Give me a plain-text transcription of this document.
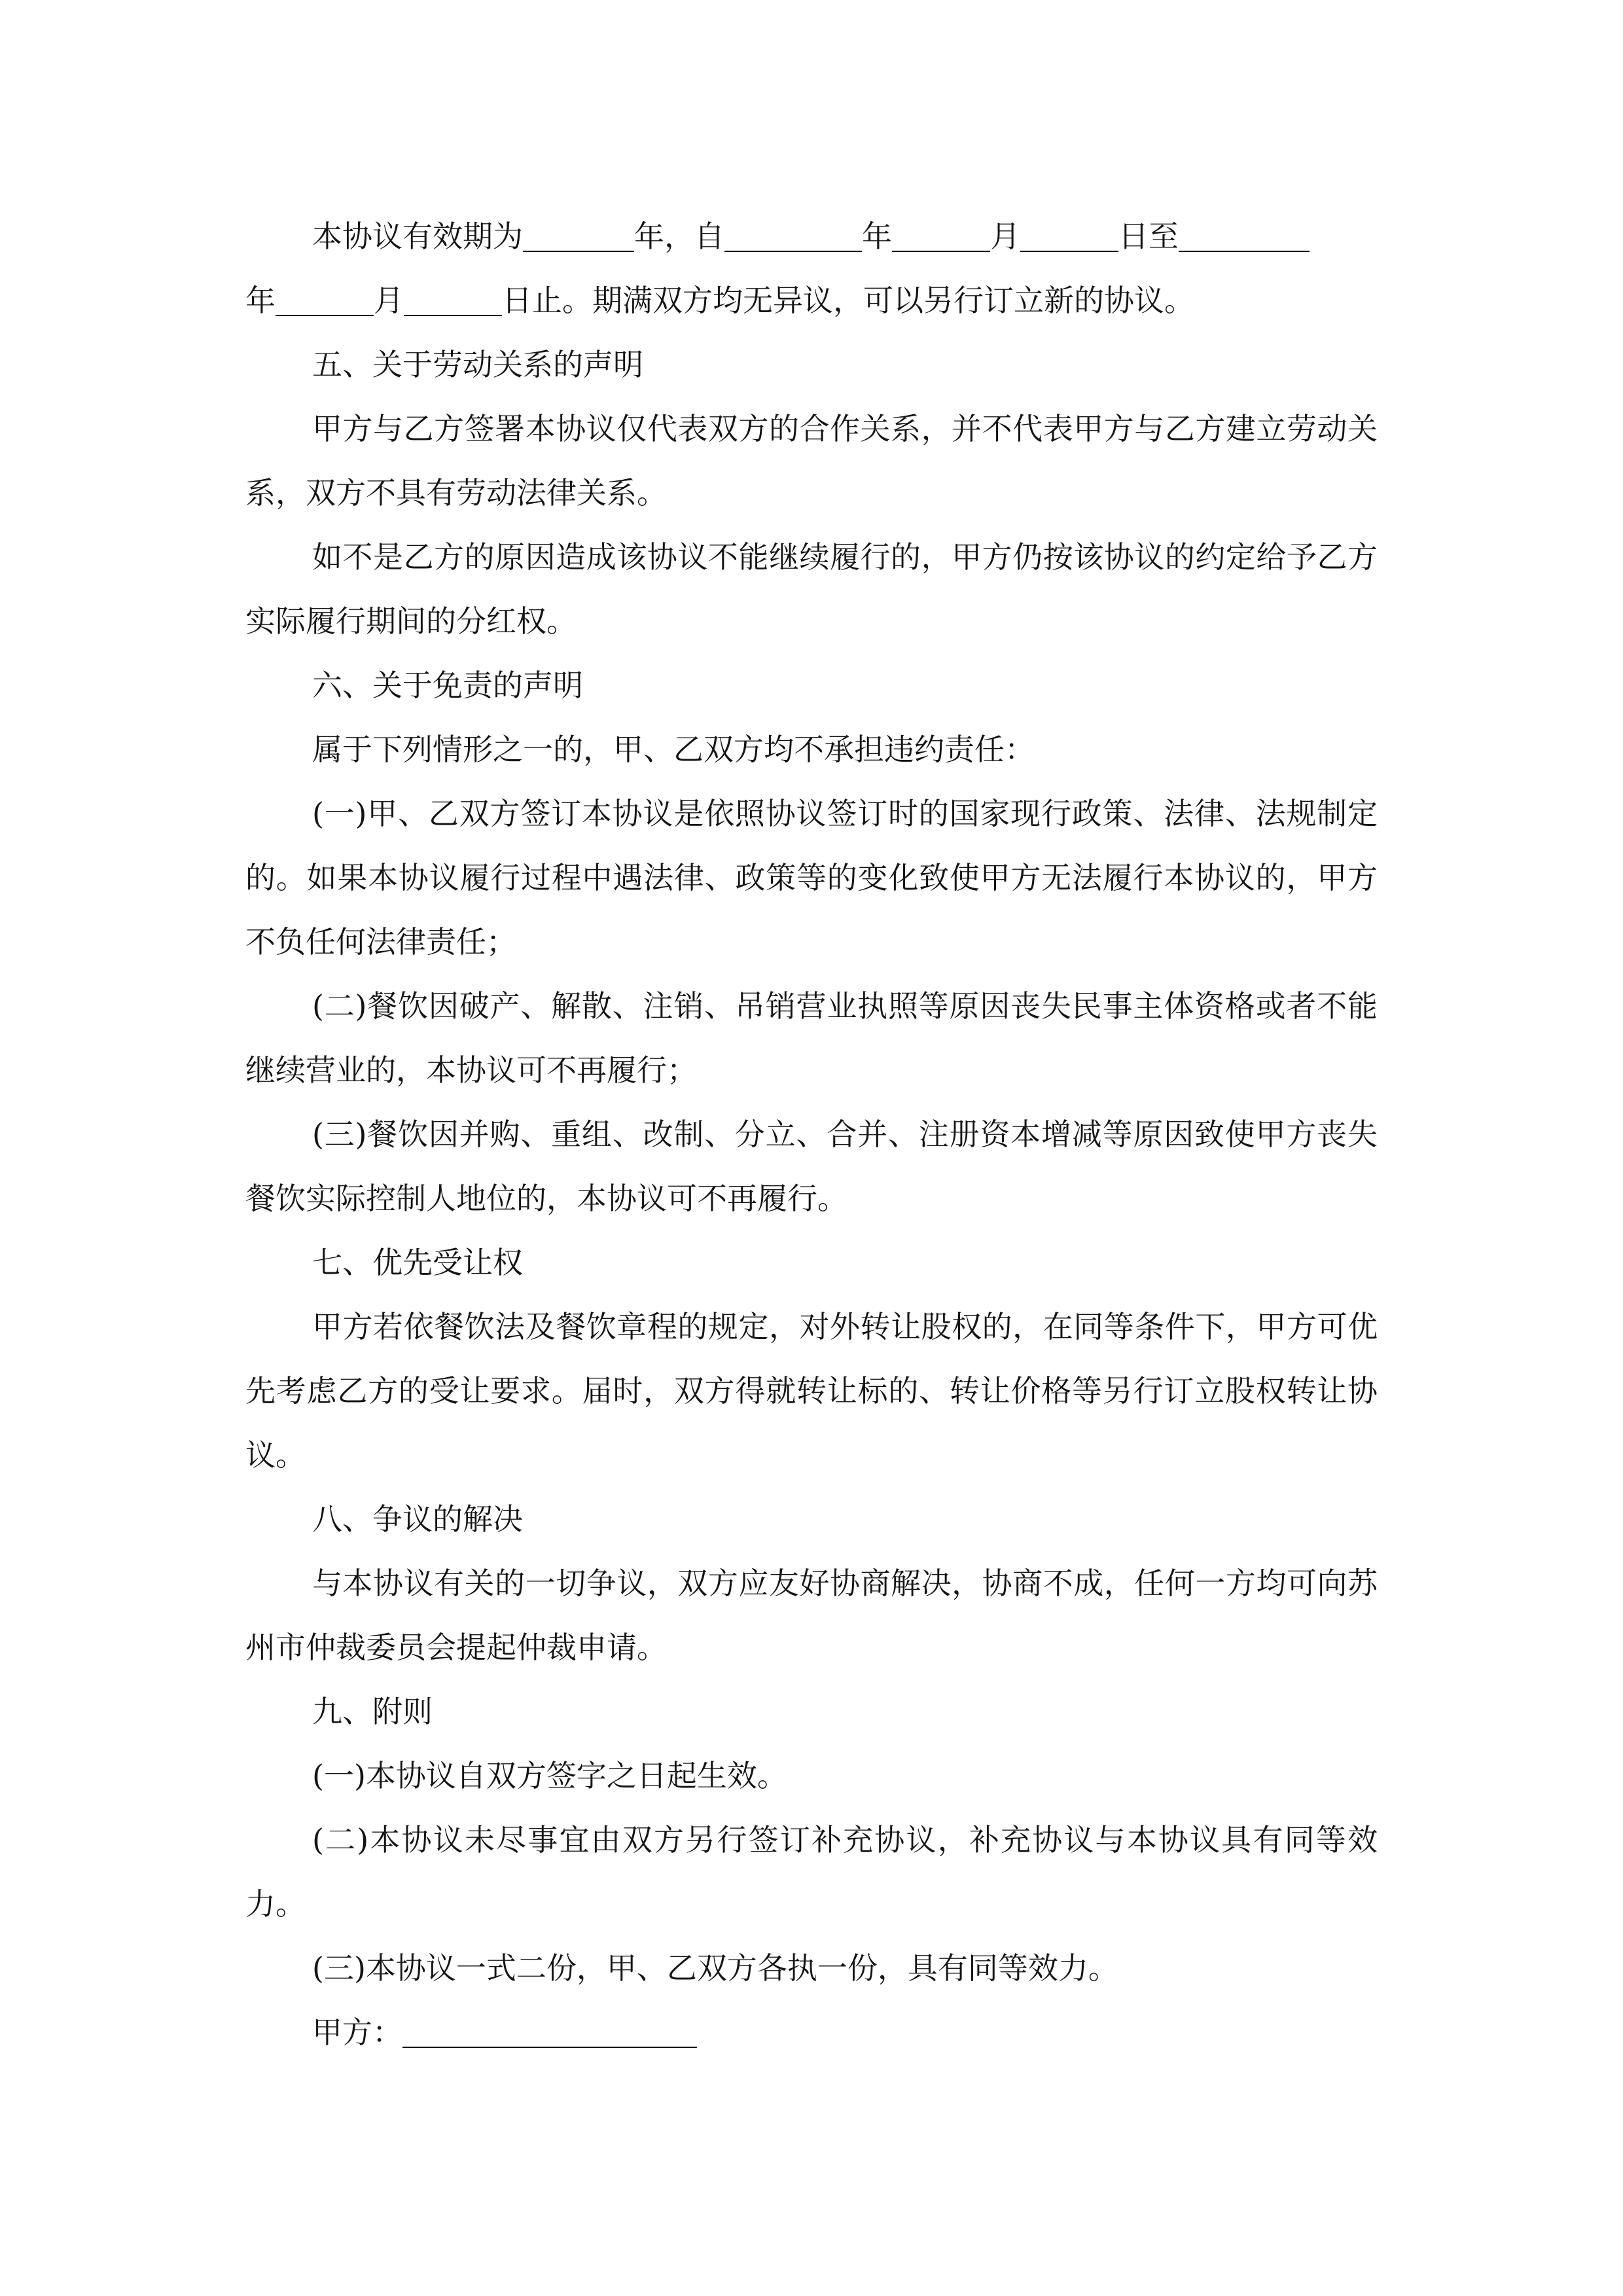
本协议有效期为	年，自	年	月	日至
年	月	日止。期满双方均无异议，可以另行订立新的协议。

五、关于劳动关系的声明

甲方与乙方签署本协议仅代表双方的合作关系，并不代表甲方与乙方建立劳动关系，双方不具有劳动法律关系。

如不是乙方的原因造成该协议不能继续履行的，甲方仍按该协议的约定给予乙方实际履行期间的分红权。

六、关于免责的声明

属于下列情形之一的，甲、乙双方均不承担违约责任：

(一)甲、乙双方签订本协议是依照协议签订时的国家现行政策、法律、法规制定的。如果本协议履行过程中遇法律、政策等的变化致使甲方无法履行本协议的，甲方不负任何法律责任；

(二)餐饮因破产、解散、注销、吊销营业执照等原因丧失民事主体资格或者不能继续营业的，本协议可不再履行；

(三)餐饮因并购、重组、改制、分立、合并、注册资本增减等原因致使甲方丧失餐饮实际控制人地位的，本协议可不再履行。

七、优先受让权

甲方若依餐饮法及餐饮章程的规定，对外转让股权的，在同等条件下，甲方可优先考虑乙方的受让要求。届时，双方得就转让标的、转让价格等另行订立股权转让协议。

八、争议的解决

与本协议有关的一切争议，双方应友好协商解决，协商不成，任何一方均可向苏州市仲裁委员会提起仲裁申请。

九、附则

(一)本协议自双方签字之日起生效。

(二)本协议未尽事宜由双方另行签订补充协议，补充协议与本协议具有同等效力。

(三)本协议一式二份，甲、乙双方各执一份，具有同等效力。

甲方：
